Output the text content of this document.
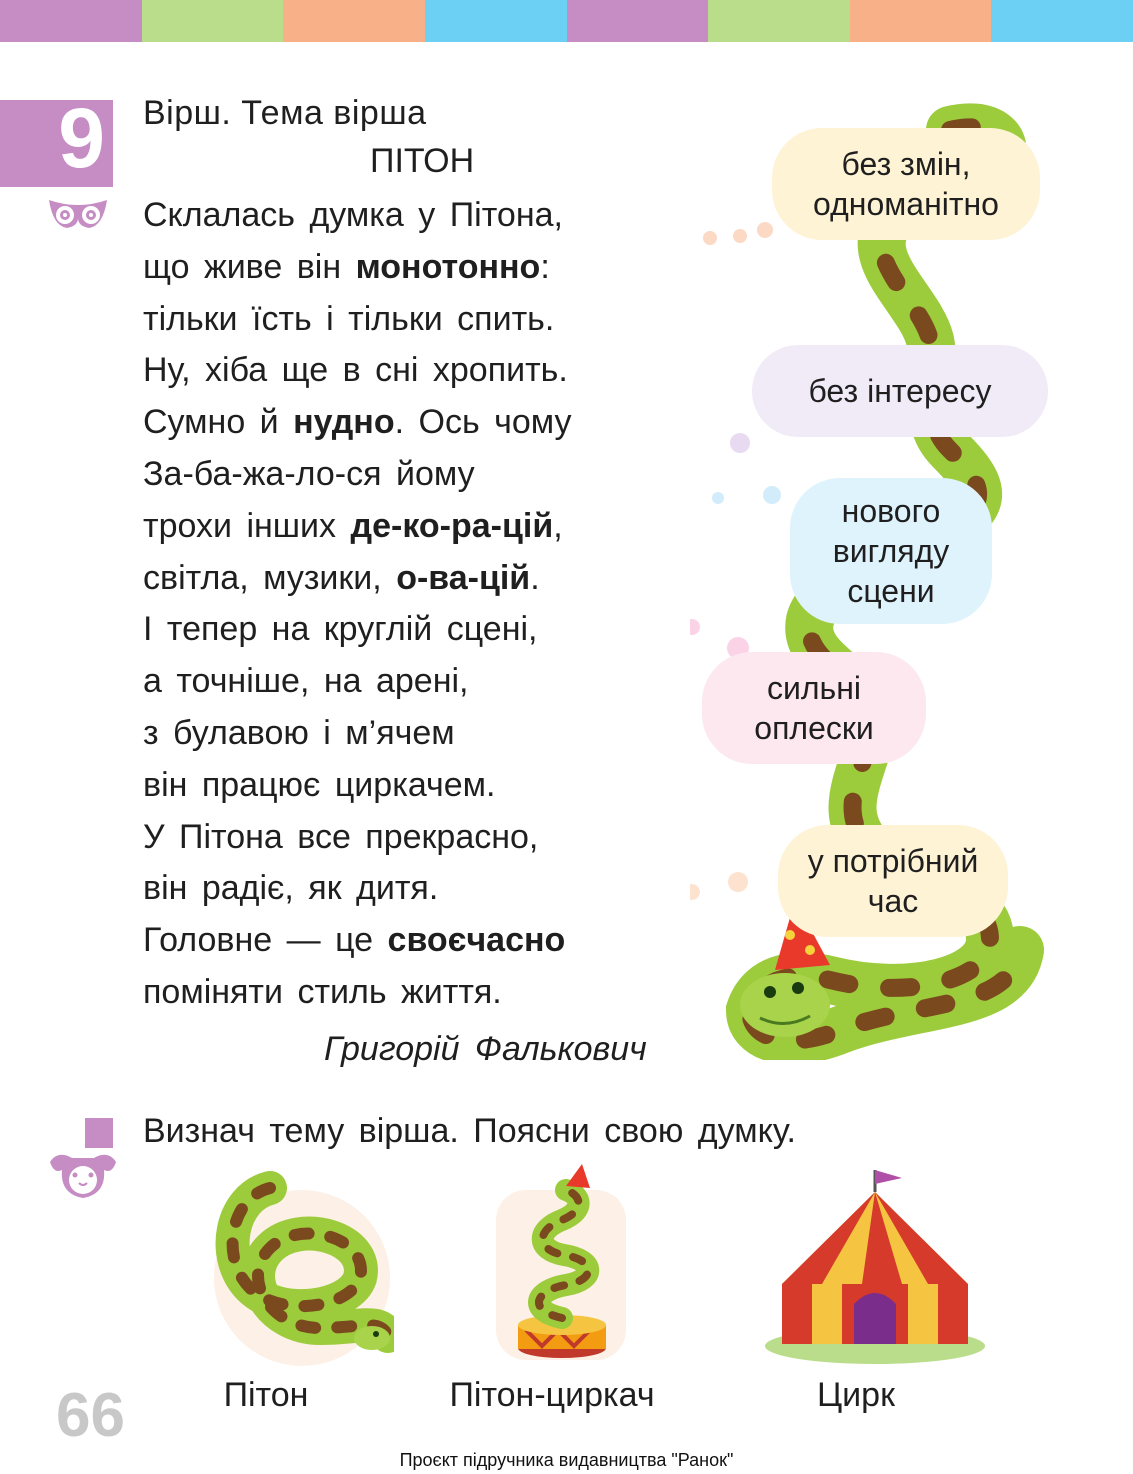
9 Вірш. Тема вірша
ПІТОН
Склалась думка у Пітона,
що живе він монотонно:
тільки їсть і тільки спить.
Ну, хіба ще в сні хропить.
Сумно й нудно. Ось чому
За-ба-жа-ло-ся йому
трохи інших де-ко-ра-цій,
світла, музики, о-ва-цій.
І тепер на круглій сцені,
а точніше, на арені,
з булавою і м’ячем
він працює циркачем.
У Пітона все прекрасно,
він радіє, як дитя.
Головне — це своєчасно
поміняти стиль життя.
Григорій Фалькович
без змін,
одноманітно
без інтересу
нового
вигляду
сцени
сильні
оплески
у потрібний
час
Визнач тему вірша. Поясни свою думку.
Пітон	Пітон-циркач	Цирк
66
Проєкт підручника видавництва "Ранок"
